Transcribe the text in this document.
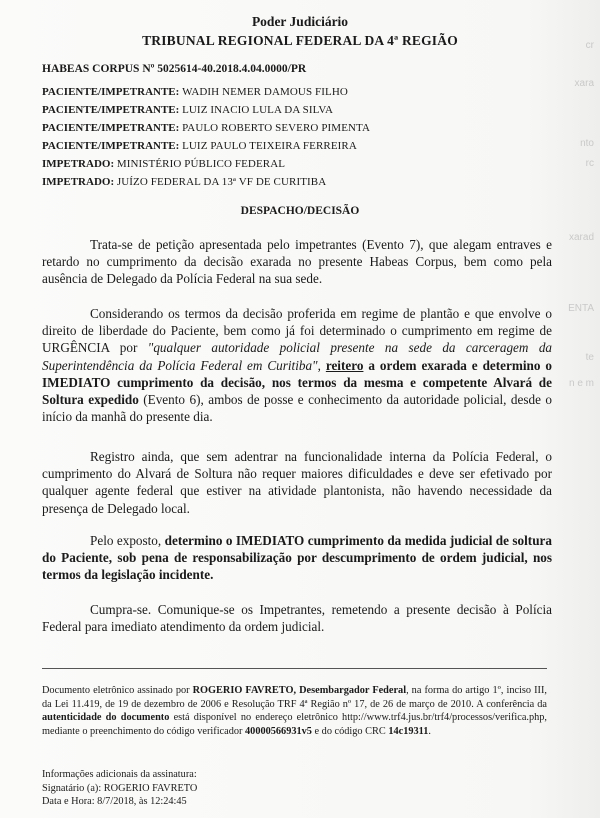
cr
xara
nto
rc
xarad
ENTA
te
n e m
Poder Judiciário
TRIBUNAL REGIONAL FEDERAL DA 4ª REGIÃO
HABEAS CORPUS Nº 5025614-40.2018.4.04.0000/PR
PACIENTE/IMPETRANTE: WADIH NEMER DAMOUS FILHO
PACIENTE/IMPETRANTE: LUIZ INACIO LULA DA SILVA
PACIENTE/IMPETRANTE: PAULO ROBERTO SEVERO PIMENTA
PACIENTE/IMPETRANTE: LUIZ PAULO TEIXEIRA FERREIRA
IMPETRADO: MINISTÉRIO PÚBLICO FEDERAL
IMPETRADO: JUÍZO FEDERAL DA 13ª VF DE CURITIBA
DESPACHO/DECISÃO

Trata-se de petição apresentada pelo impetrantes (Evento 7), que alegam entraves e retardo no cumprimento da decisão exarada no presente Habeas Corpus, bem como pela ausência de Delegado da Polícia Federal na sua sede.

Considerando os termos da decisão proferida em regime de plantão e que envolve o direito de liberdade do Paciente, bem como já foi determinado o cumprimento em regime de URGÊNCIA por "qualquer autoridade policial presente na sede da carceragem da Superintendência da Polícia Federal em Curitiba", reitero a ordem exarada e determino o IMEDIATO cumprimento da decisão, nos termos da mesma e competente Alvará de Soltura expedido (Evento 6), ambos de posse e conhecimento da autoridade policial, desde o início da manhã do presente dia.

Registro ainda, que sem adentrar na funcionalidade interna da Polícia Federal, o cumprimento do Alvará de Soltura não requer maiores dificuldades e deve ser efetivado por qualquer agente federal que estiver na atividade plantonista, não havendo necessidade da presença de Delegado local.

Pelo exposto, determino o IMEDIATO cumprimento da medida judicial de soltura do Paciente, sob pena de responsabilização por descumprimento de ordem judicial, nos termos da legislação incidente.

Cumpra-se. Comunique-se os Impetrantes, remetendo a presente decisão à Polícia Federal para imediato atendimento da ordem judicial.

Documento eletrônico assinado por ROGERIO FAVRETO, Desembargador Federal, na forma do artigo 1º, inciso III, da Lei 11.419, de 19 de dezembro de 2006 e Resolução TRF 4ª Região nº 17, de 26 de março de 2010. A conferência da autenticidade do documento está disponível no endereço eletrônico http://www.trf4.jus.br/trf4/processos/verifica.php, mediante o preenchimento do código verificador 40000566931v5 e do código CRC 14c19311.

Informações adicionais da assinatura:
Signatário (a): ROGERIO FAVRETO
Data e Hora: 8/7/2018, às 12:24:45
